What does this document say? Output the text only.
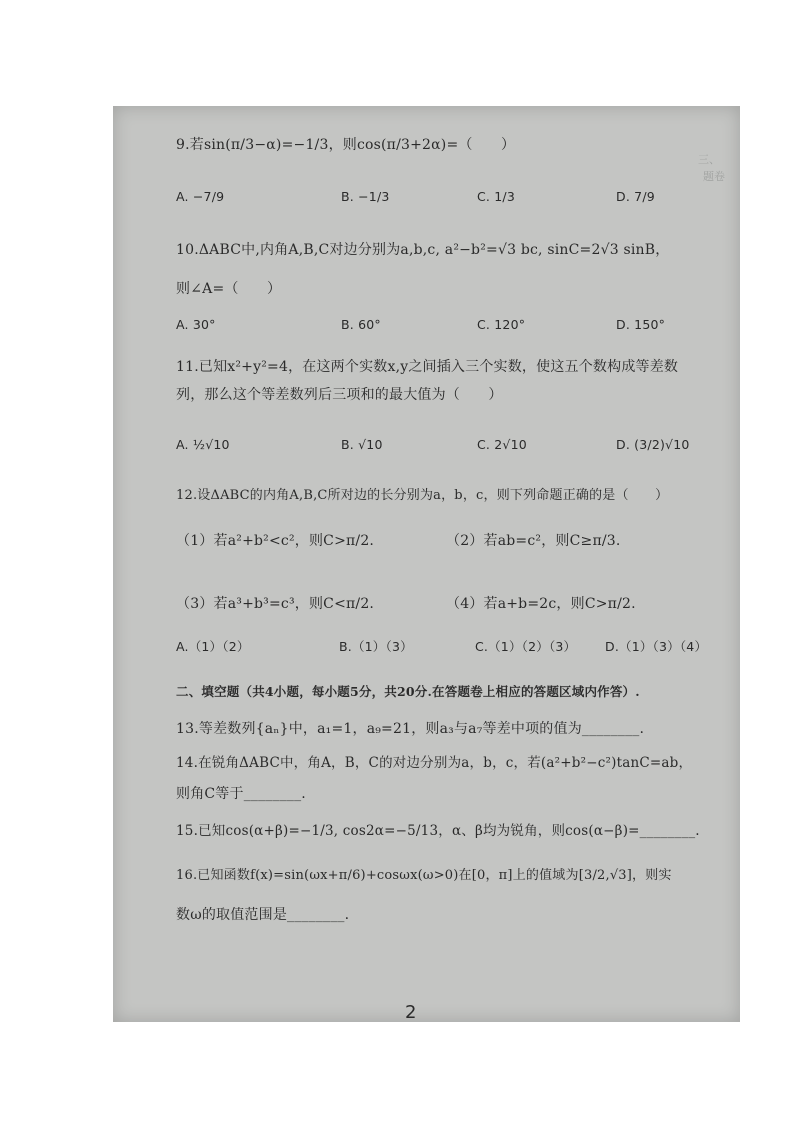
三、
题卷
9.若sin(π/3−α)=−1/3，则cos(π/3+2α)=（　　）
A. −7/9	B. −1/3	C. 1/3	D. 7/9
10.ΔABC中,内角A,B,C对边分别为a,b,c, a²−b²=√3 bc, sinC=2√3 sinB，
则∠A=（　　）
A. 30°	B. 60°	C. 120°	D. 150°
11.已知x²+y²=4，在这两个实数x,y之间插入三个实数，使这五个数构成等差数
列，那么这个等差数列后三项和的最大值为（　　）
A. ½√10	B. √10	C. 2√10	D. (3/2)√10
12.设ΔABC的内角A,B,C所对边的长分别为a，b，c，则下列命题正确的是（　　）
（1）若a²+b²<c²，则C>π/2.	（2）若ab=c²，则C≥π/3.
（3）若a³+b³=c³，则C<π/2.	（4）若a+b=2c，则C>π/2.
A.（1）（2）	B.（1）（3）	C.（1）（2）（3） D.（1）（3）（4）
二、填空题（共4小题，每小题5分，共20分.在答题卷上相应的答题区域内作答）.
13.等差数列{aₙ}中，a₁=1，a₉=21，则a₃与a₇等差中项的值为________.
14.在锐角ΔABC中，角A，B，C的对边分别为a，b，c，若(a²+b²−c²)tanC=ab，
则角C等于________.
15.已知cos(α+β)=−1/3, cos2α=−5/13，α、β均为锐角，则cos(α−β)=________.
16.已知函数f(x)=sin(ωx+π/6)+cosωx(ω>0)在[0，π]上的值域为[3/2,√3]，则实
数ω的取值范围是________.
2
